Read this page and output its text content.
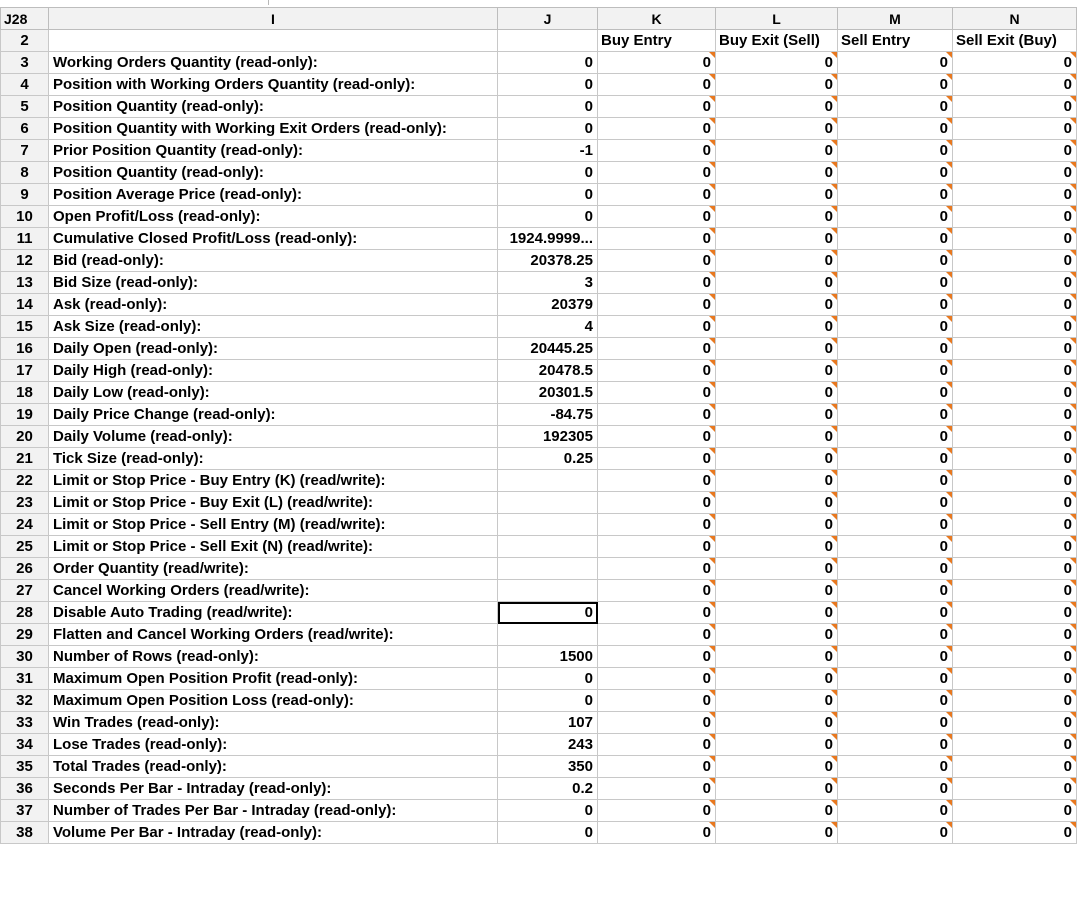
J28	I	J	K	L	M	N
2			Buy Entry	Buy Exit (Sell)	Sell Entry	Sell Exit (Buy)
3	Working Orders Quantity (read-only):	0	0	0	0	0
4	Position with Working Orders Quantity (read-only):	0	0	0	0	0
5	Position Quantity (read-only):	0	0	0	0	0
6	Position Quantity with Working Exit Orders (read-only):	0	0	0	0	0
7	Prior Position Quantity (read-only):	-1	0	0	0	0
8	Position Quantity (read-only):	0	0	0	0	0
9	Position Average Price (read-only):	0	0	0	0	0
10	Open Profit/Loss (read-only):	0	0	0	0	0
11	Cumulative Closed Profit/Loss (read-only):	1924.9999...	0	0	0	0
12	Bid (read-only):	20378.25	0	0	0	0
13	Bid Size (read-only):	3	0	0	0	0
14	Ask (read-only):	20379	0	0	0	0
15	Ask Size (read-only):	4	0	0	0	0
16	Daily Open (read-only):	20445.25	0	0	0	0
17	Daily High (read-only):	20478.5	0	0	0	0
18	Daily Low (read-only):	20301.5	0	0	0	0
19	Daily Price Change (read-only):	-84.75	0	0	0	0
20	Daily Volume (read-only):	192305	0	0	0	0
21	Tick Size (read-only):	0.25	0	0	0	0
22	Limit or Stop Price - Buy Entry (K) (read/write):		0	0	0	0
23	Limit or Stop Price - Buy Exit (L) (read/write):		0	0	0	0
24	Limit or Stop Price - Sell Entry (M) (read/write):		0	0	0	0
25	Limit or Stop Price - Sell Exit (N) (read/write):		0	0	0	0
26	Order Quantity (read/write):		0	0	0	0
27	Cancel Working Orders (read/write):		0	0	0	0
28	Disable Auto Trading (read/write):	0	0	0	0	0
29	Flatten and Cancel Working Orders (read/write):		0	0	0	0
30	Number of Rows (read-only):	1500	0	0	0	0
31	Maximum Open Position Profit (read-only):	0	0	0	0	0
32	Maximum Open Position Loss (read-only):	0	0	0	0	0
33	Win Trades (read-only):	107	0	0	0	0
34	Lose Trades (read-only):	243	0	0	0	0
35	Total Trades (read-only):	350	0	0	0	0
36	Seconds Per Bar - Intraday (read-only):	0.2	0	0	0	0
37	Number of Trades Per Bar - Intraday (read-only):	0	0	0	0	0
38	Volume Per Bar - Intraday (read-only):	0	0	0	0	0
